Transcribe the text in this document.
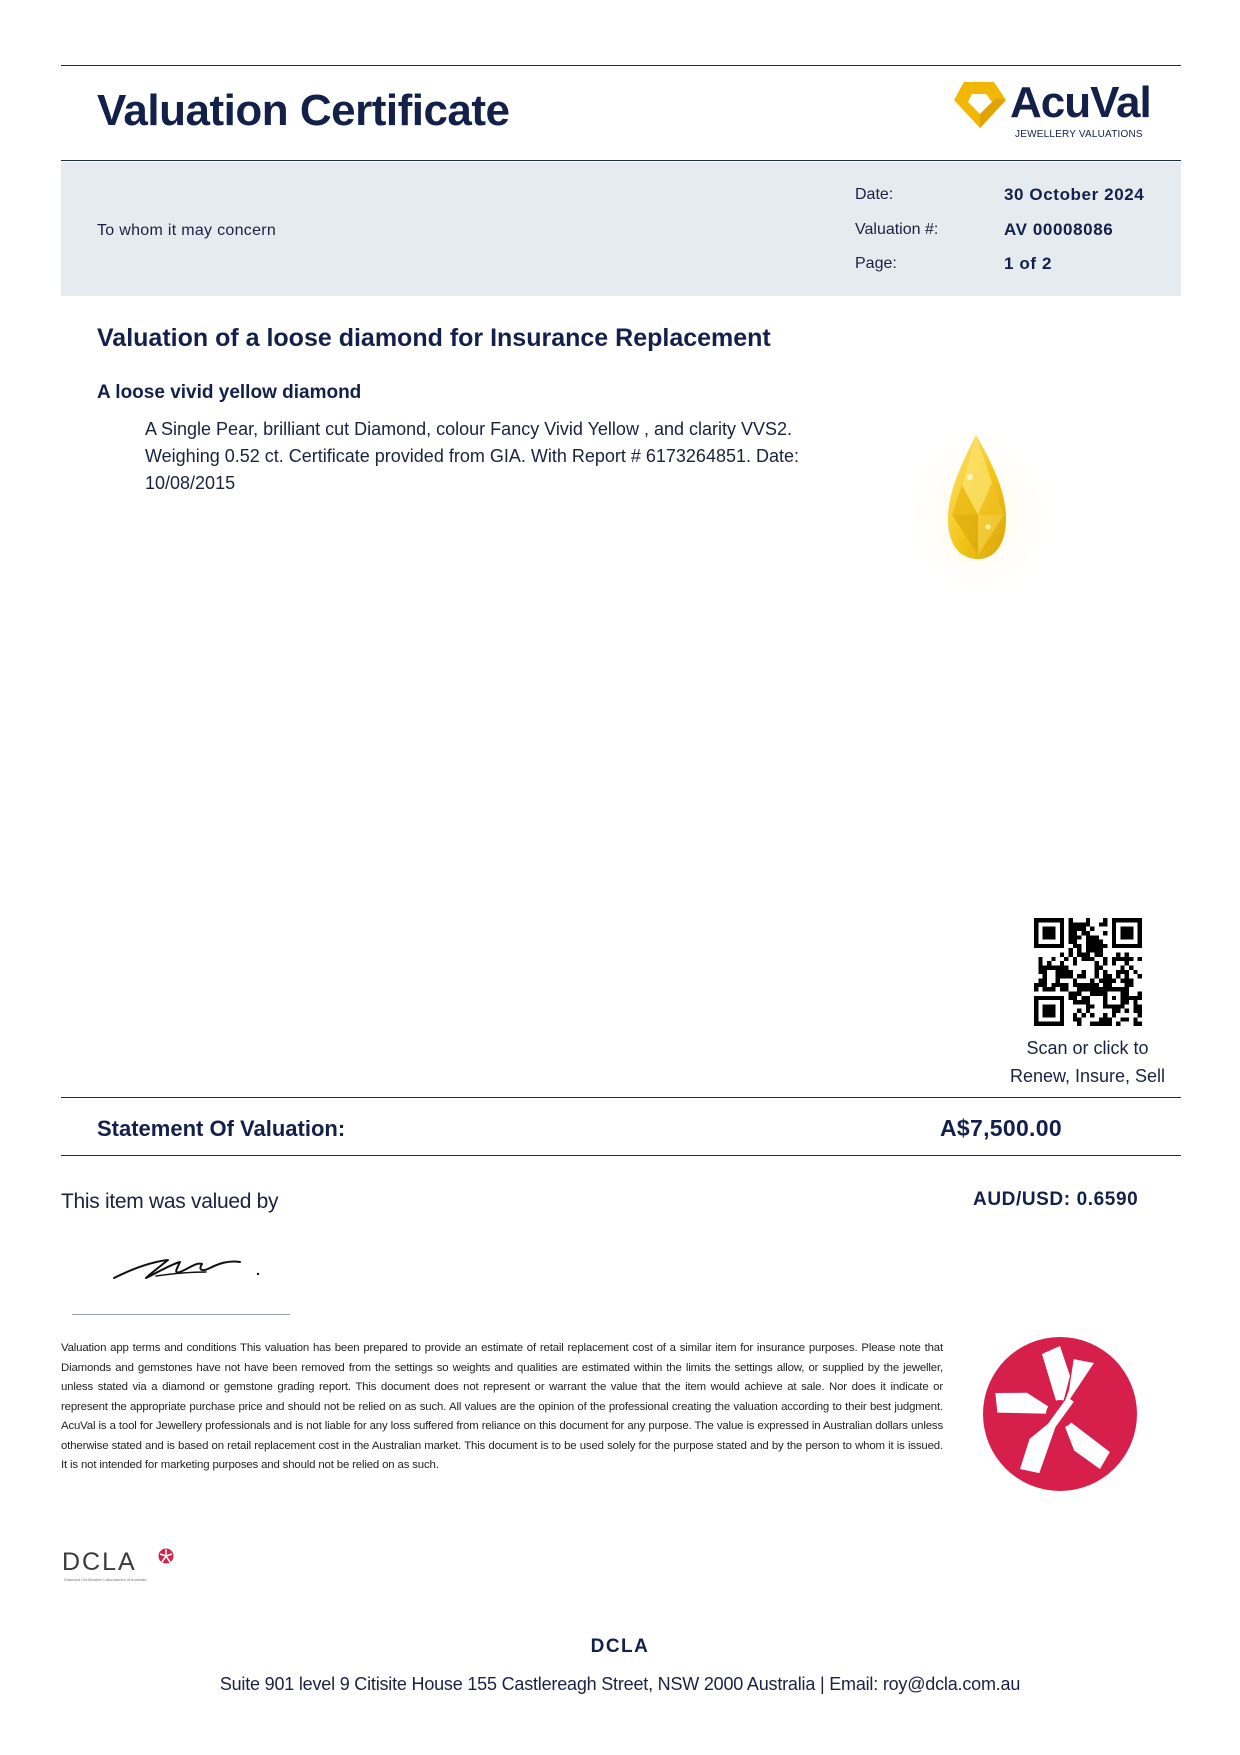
Valuation Certificate	AcuVal
JEWELLERY VALUATIONS
To whom it may concern
Date:	30 October 2024
Valuation #:	AV 00008086
Page:	1 of 2
Valuation of a loose diamond for Insurance Replacement
A loose vivid yellow diamond
A Single Pear, brilliant cut Diamond, colour Fancy Vivid Yellow , and clarity VVS2. Weighing 0.52 ct. Certificate provided from GIA. With Report # 6173264851. Date: 10/08/2015
Scan or click to
Renew, Insure, Sell
Statement Of Valuation:	A$7,500.00
This item was valued by	AUD/USD: 0.6590
Valuation app terms and conditions This valuation has been prepared to provide an estimate of retail replacement cost of a similar item for insurance purposes. Please note that Diamonds and gemstones have not have been removed from the settings so weights and qualities are estimated within the limits the settings allow, or supplied by the jeweller, unless stated via a diamond or gemstone grading report. This document does not represent or warrant the value that the item would achieve at sale. Nor does it indicate or represent the appropriate purchase price and should not be relied on as such. All values are the opinion of the professional creating the valuation according to their best judgment. AcuVal is a tool for Jewellery professionals and is not liable for any loss suffered from reliance on this document for any purpose. The value is expressed in Australian dollars unless otherwise stated and is based on retail replacement cost in the Australian market. This document is to be used solely for the purpose stated and by the person to whom it is issued. It is not intended for marketing purposes and should not be relied on as such.
DCLA
Diamond Certification Laboratories of Australia
DCLA
Suite 901 level 9 Citisite House 155 Castlereagh Street, NSW 2000 Australia | Email: roy@dcla.com.au
